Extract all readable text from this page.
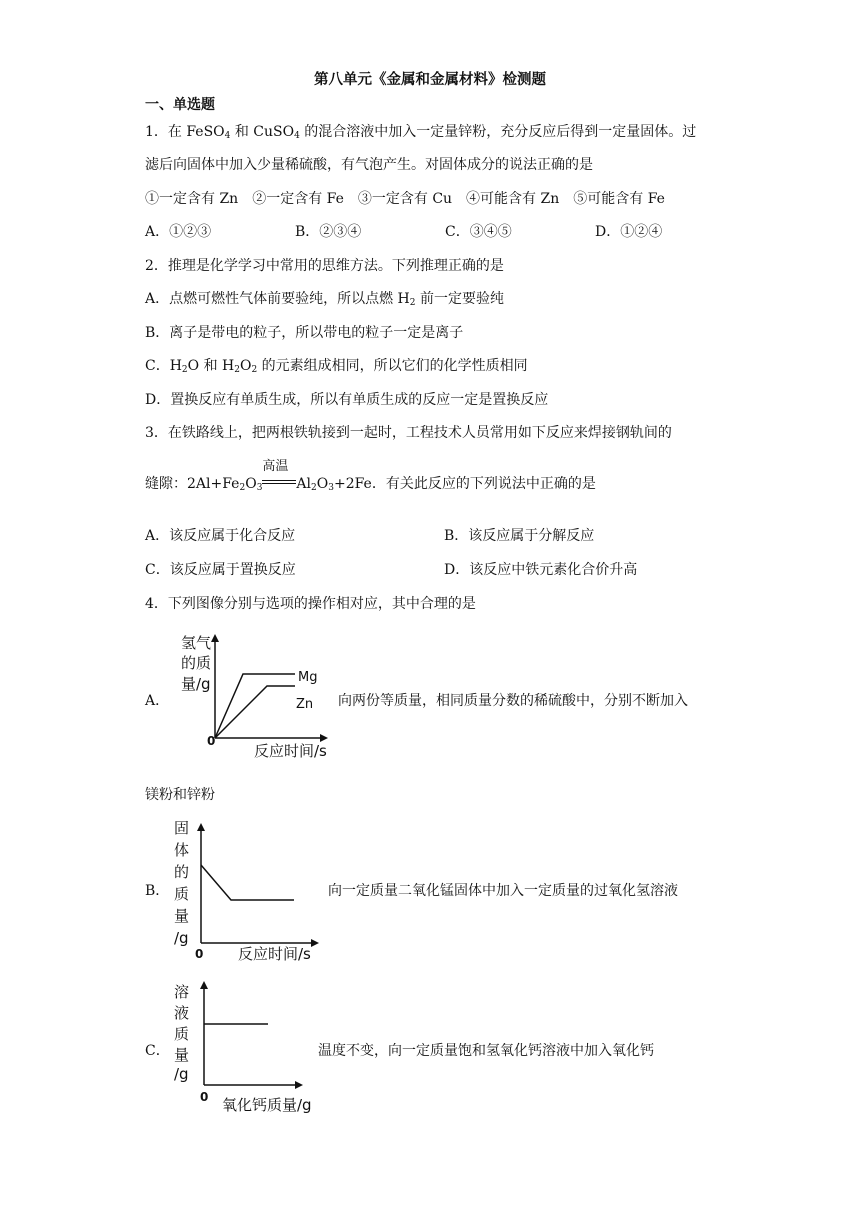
第八单元《金属和金属材料》检测题
一、单选题
1．在 FeSO$_4$ 和 CuSO$_4$ 的混合溶液中加入一定量锌粉，充分反应后得到一定量固体。过
滤后向固体中加入少量稀硫酸，有气泡产生。对固体成分的说法正确的是
①一定含有 Zn　②一定含有 Fe　③一定含有 Cu　④可能含有 Zn　⑤可能含有 Fe
A．①②③	B．②③④	C．③④⑤	D．①②④
2．推理是化学学习中常用的思维方法。下列推理正确的是
A．点燃可燃性气体前要验纯，所以点燃 $H_2$ 前一定要验纯
B．离子是带电的粒子，所以带电的粒子一定是离子
C．$H_2O$ 和 $H_2O_2$ 的元素组成相同，所以它们的化学性质相同
D．置换反应有单质生成，所以有单质生成的反应一定是置换反应
3．在铁路线上，把两根铁轨接到一起时，工程技术人员常用如下反应来焊接钢轨间的
缝隙：$2Al+Fe_2O_3$
高温
$Al_2O_3+2Fe$．有关此反应的下列说法中正确的是
A．该反应属于化合反应	B．该反应属于分解反应
C．该反应属于置换反应	D．该反应中铁元素化合价升高
4．下列图像分别与选项的操作相对应，其中合理的是
A．
氢气
的质
量/g
0
反应时间/s
Mg
Zn 向两份等质量，相同质量分数的稀硫酸中，分别不断加入
镁粉和锌粉
B．
固
体
的
质
量
/g
0 反应时间/s
向一定质量二氧化锰固体中加入一定质量的过氧化氢溶液
C．
溶
液
质
量
/g
0 氧化钙质量/g
温度不变，向一定质量饱和氢氧化钙溶液中加入氧化钙
